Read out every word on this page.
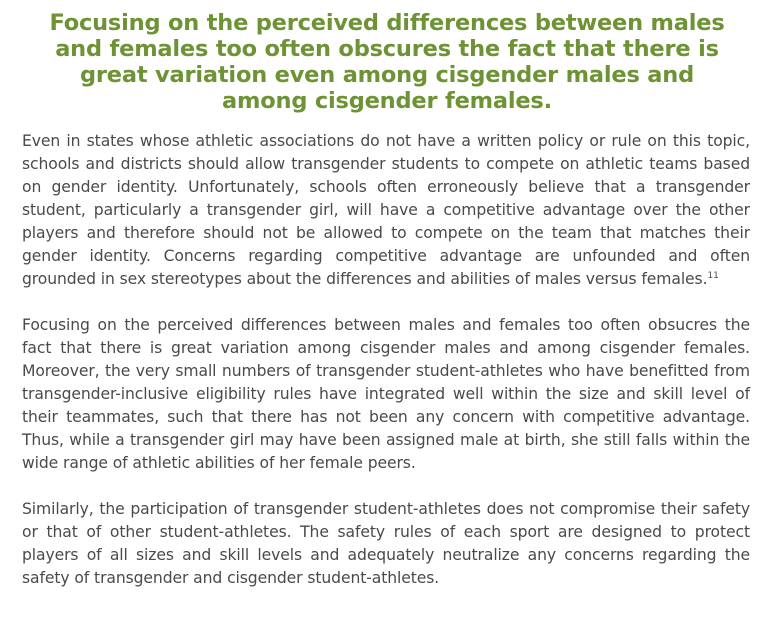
Focusing on the perceived differences between males and females too often obscures the fact that there is great variation even among cisgender males and among cisgender females.

Even in states whose athletic associations do not have a written policy or rule on this topic, schools and districts should allow transgender students to compete on athletic teams based on gender identity. Unfortunately, schools often erroneously believe that a transgender student, particularly a transgender girl, will have a competitive advantage over the other players and therefore should not be allowed to compete on the team that matches their gender identity. Concerns regarding competitive advantage are unfounded and often grounded in sex stereotypes about the differences and abilities of males versus females.$^{11}$

Focusing on the perceived differences between males and females too often obsucres the fact that there is great variation among cisgender males and among cisgender females. Moreover, the very small numbers of transgender student-athletes who have benefitted from transgender-inclusive eligibility rules have integrated well within the size and skill level of their teammates, such that there has not been any concern with competitive advantage. Thus, while a transgender girl may have been assigned male at birth, she still falls within the wide range of athletic abilities of her female peers.

Similarly, the participation of transgender student-athletes does not compromise their safety or that of other student-athletes. The safety rules of each sport are designed to protect players of all sizes and skill levels and adequately neutralize any concerns regarding the safety of transgender and cisgender student-athletes.
